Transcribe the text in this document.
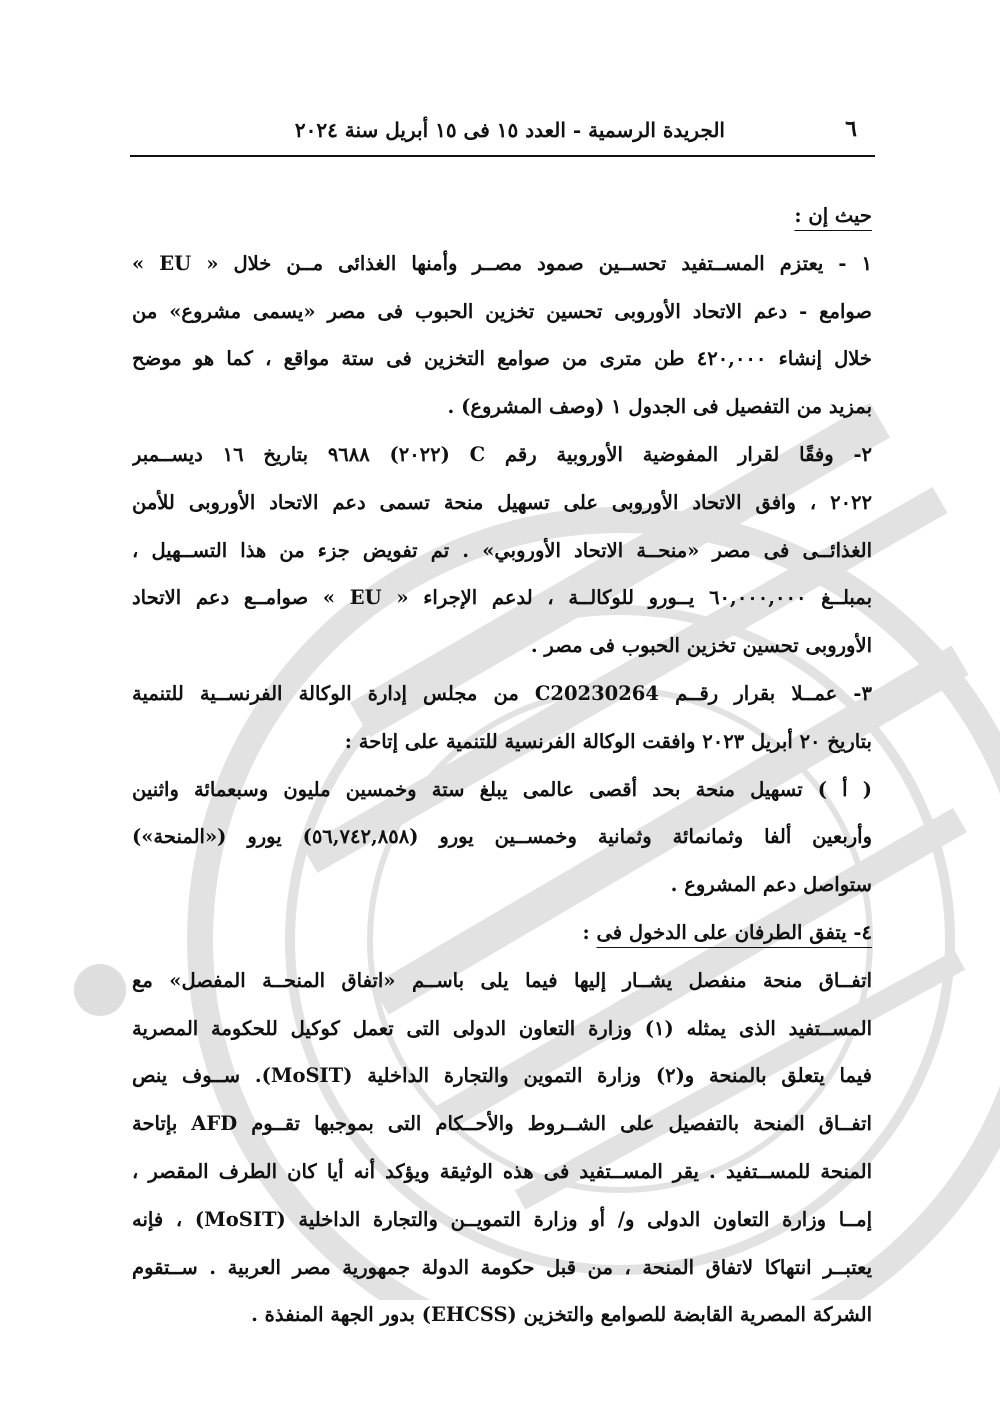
٦
الجريدة الرسمية - العدد ١٥ فى ١٥ أبريل سنة ٢٠٢٤

حيث إن :

١ - يعتزم المســتفيد تحســين صمود مصــر وأمنها الغذائى مــن خلال « EU »
صوامع - دعم الاتحاد الأوروبى تحسين تخزين الحبوب فى مصر «يسمى مشروع» من
خلال إنشاء ٤٢٠,٠٠٠ طن مترى من صوامع التخزين فى ستة مواقع ، كما هو موضح
بمزيد من التفصيل فى الجدول ١ (وصف المشروع) .

٢- وفقًا لقرار المفوضية الأوروبية رقم C (٢٠٢٢) ٩٦٨٨ بتاريخ ١٦ ديســمبر
٢٠٢٢ ، وافق الاتحاد الأوروبى على تسهيل منحة تسمى دعم الاتحاد الأوروبى للأمن
الغذائــى فى مصر «منحــة الاتحاد الأوروبي» . تم تفويض جزء من هذا التســهيل ،
بمبلــغ ٦٠,٠٠٠,٠٠٠ يــورو للوكالــة ، لدعم الإجراء « EU » صوامــع دعم الاتحاد
الأوروبى تحسين تخزين الحبوب فى مصر .

٣- عمــلا بقرار رقــم C20230264 من مجلس إدارة الوكالة الفرنســية للتنمية
بتاريخ ٢٠ أبريل ٢٠٢٣ وافقت الوكالة الفرنسية للتنمية على إتاحة :

( أ ) تسهيل منحة بحد أقصى عالمى يبلغ ستة وخمسين مليون وسبعمائة واثنين
وأربعين ألفا وثمانمائة وثمانية وخمســين يورو (٥٦,٧٤٢,٨٥٨) يورو («المنحة»)
ستواصل دعم المشروع .

٤- يتفق الطرفان على الدخول فى :

اتفــاق منحة منفصل يشــار إليها فيما يلى باســم «اتفاق المنحــة المفصل» مع
المســتفيد الذى يمثله (١) وزارة التعاون الدولى التى تعمل كوكيل للحكومة المصرية
فيما يتعلق بالمنحة و(٢) وزارة التموين والتجارة الداخلية (MoSIT). ســوف ينص
اتفــاق المنحة بالتفصيل على الشــروط والأحــكام التى بموجبها تقــوم AFD بإتاحة
المنحة للمســتفيد . يقر المســتفيد فى هذه الوثيقة ويؤكد أنه أيا كان الطرف المقصر ،
إمــا وزارة التعاون الدولى و/ أو وزارة التمويــن والتجارة الداخلية (MoSIT) ، فإنه
يعتبــر انتهاكا لاتفاق المنحة ، من قبل حكومة الدولة جمهورية مصر العربية . ســتقوم
الشركة المصرية القابضة للصوامع والتخزين (EHCSS) بدور الجهة المنفذة .
